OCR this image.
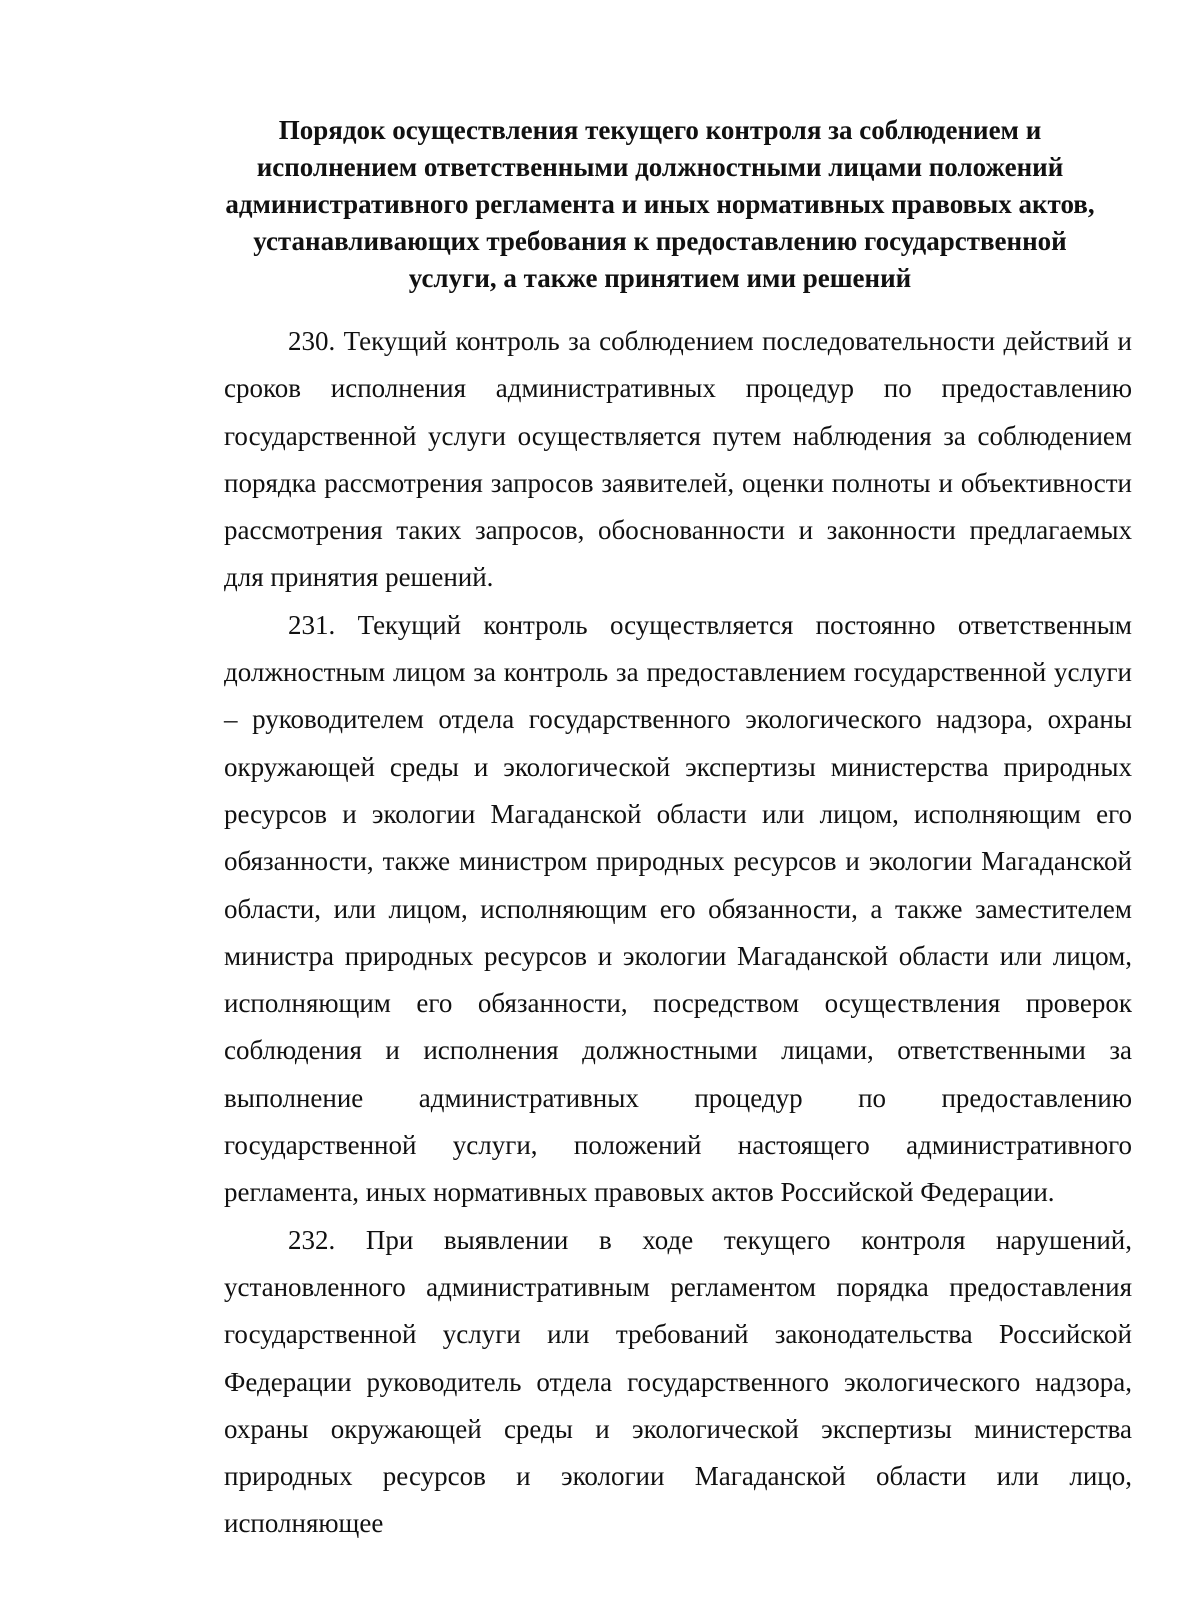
Порядок осуществления текущего контроля за соблюдением и
исполнением ответственными должностными лицами положений
административного регламента и иных нормативных правовых актов,
устанавливающих требования к предоставлению государственной
услуги, а также принятием ими решений

230. Текущий контроль за соблюдением последовательности действий и сроков исполнения административных процедур по предоставлению государственной услуги осуществляется путем наблюдения за соблюдением порядка рассмотрения запросов заявителей, оценки полноты и объективности рассмотрения таких запросов, обоснованности и законности предлагаемых для принятия решений.

231. Текущий контроль осуществляется постоянно ответственным должностным лицом за контроль за предоставлением государственной услуги – руководителем отдела государственного экологического надзора, охраны окружающей среды и экологической экспертизы министерства природных ресурсов и экологии Магаданской области или лицом, исполняющим его обязанности, также министром природных ресурсов и экологии Магаданской области, или лицом, исполняющим его обязанности, а также заместителем министра природных ресурсов и экологии Магаданской области или лицом, исполняющим его обязанности, посредством осуществления проверок соблюдения и исполнения должностными лицами, ответственными за выполнение административных процедур по предоставлению государственной услуги, положений настоящего административного регламента, иных нормативных правовых актов Российской Федерации.

232. При выявлении в ходе текущего контроля нарушений, установленного административным регламентом порядка предоставления государственной услуги или требований законодательства Российской Федерации руководитель отдела государственного экологического надзора, охраны окружающей среды и экологической экспертизы министерства природных ресурсов и экологии Магаданской области или лицо, исполняющее
